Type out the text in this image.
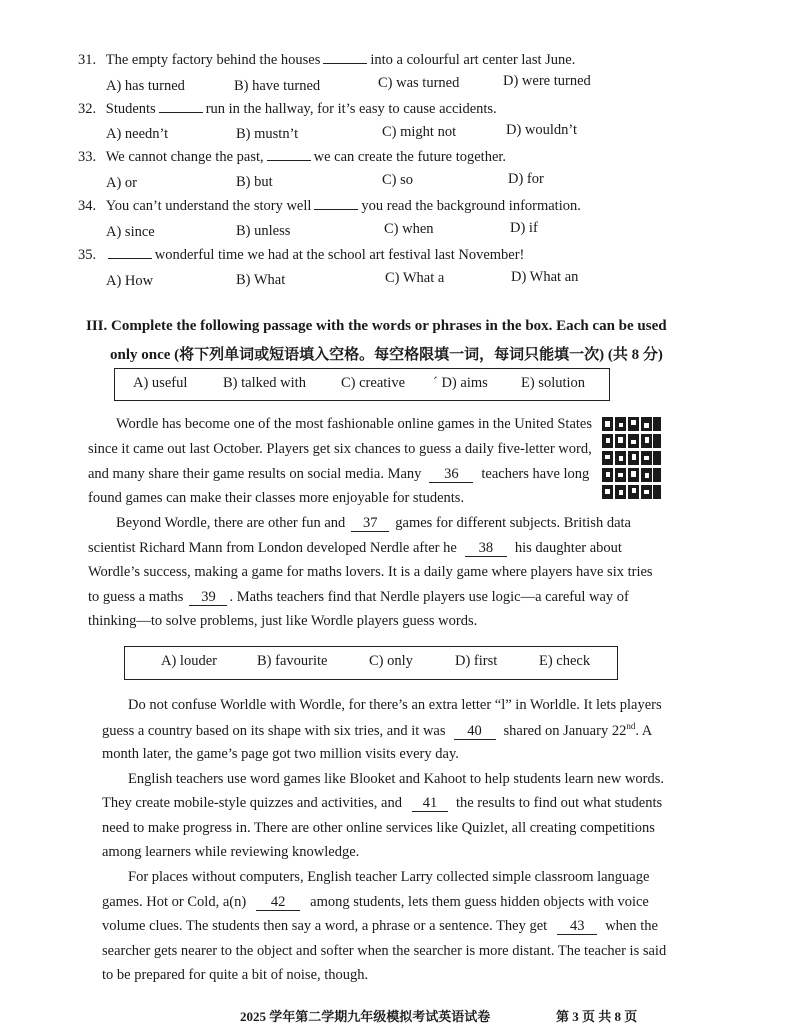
31. The empty factory behind the houses	into a colourful art center last June.
A) has turned	B) have turned	C) was turned	D) were turned
32. Students	run in the hallway, for it’s easy to cause accidents.
A) needn’t	B) mustn’t	C) might not	D) wouldn’t
33. We cannot change the past,	we can create the future together.
A) or	B) but	C) so	D) for
34. You can’t understand the story well	you read the background information.
A) since	B) unless	C) when	D) if
35.	wonderful time we had at the school art festival last November!
A) How	B) What	C) What a	D) What an
III. Complete the following passage with the words or phrases in the box. Each can be used
only once (将下列单词或短语填入空格。每空格限填一词，每词只能填一次) (共 8 分)
A) useful B) talked with C) creative ´ D) aims E) solution
Wordle has become one of the most fashionable online games in the United States
since it came out last October. Players get six chances to guess a daily five-letter word,
and many share their game results on social media. Many 36 teachers have long
found games can make their classes more enjoyable for students.
Beyond Wordle, there are other fun and 37 games for different subjects. British data
scientist Richard Mann from London developed Nerdle after he 38 his daughter about
Wordle’s success, making a game for maths lovers. It is a daily game where players have six tries
to guess a maths 39 . Maths teachers find that Nerdle players use logic—a careful way of
thinking—to solve problems, just like Wordle players guess words.
A) louder	B) favourite	C) only	D) first	E) check
Do not confuse Worldle with Wordle, for there’s an extra letter “l” in Worldle. It lets players
guess a country based on its shape with six tries, and it was 40 shared on January 22nd. A
month later, the game’s page got two million visits every day.
English teachers use word games like Blooket and Kahoot to help students learn new words.
They create mobile-style quizzes and activities, and 41 the results to find out what students
need to make progress in. There are other online services like Quizlet, all creating competitions
among learners while reviewing knowledge.
For places without computers, English teacher Larry collected simple classroom language
games. Hot or Cold, a(n) 42 among students, lets them guess hidden objects with voice
volume clues. The students then say a word, a phrase or a sentence. They get 43 when the
searcher gets nearer to the object and softer when the searcher is more distant. The teacher is said
to be prepared for quite a bit of noise, though.
2025 学年第二学期九年级模拟考试英语试卷	第 3 页 共 8 页
